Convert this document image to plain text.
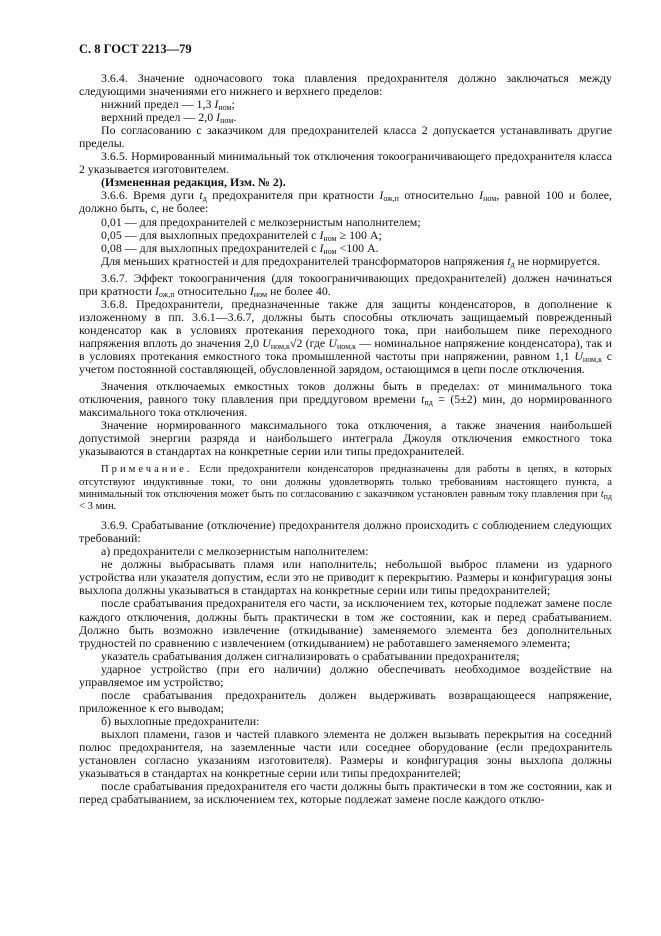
С. 8 ГОСТ 2213—79

3.6.4. Значение одночасового тока плавления предохранителя должно заключаться между следующими значениями его нижнего и верхнего пределов:

нижний предел — 1,3 $I_{ном}$;

верхний предел — 2,0 $I_{ном}$.

По согласованию с заказчиком для предохранителей класса 2 допускается устанавливать другие пределы.

3.6.5. Нормированный минимальный ток отключения токоограничивающего предохранителя класса 2 указывается изготовителем.

(Измененная редакция, Изм. № 2).

3.6.6. Время дуги $t_д$ предохранителя при кратности $I_{ож,п}$ относительно $I_{ном}$, равной 100 и более, должно быть, с, не более:

0,01 — для предохранителей с мелкозернистым наполнителем;

0,05 — для выхлопных предохранителей с $I_{ном} \ge 100$ А;

0,08 — для выхлопных предохранителей с $I_{ном} <100$ А.

Для меньших кратностей и для предохранителей трансформаторов напряжения $t_д$ не нормируется.

3.6.7. Эффект токоограничения (для токоограничивающих предохранителей) должен начинаться при кратности $I_{ож,п}$ относительно $I_{ном}$ не более 40.

3.6.8. Предохранители, предназначенные также для защиты конденсаторов, в дополнение к изложенному в пп. 3.6.1—3.6.7, должны быть способны отключать защищаемый поврежденный конденсатор как в условиях протекания переходного тока, при наибольшем пике переходного напряжения вплоть до значения 2,0 $U_{ном,к}√2$ (где $U_{ном,к}$ — номинальное напряжение конденсатора), так и в условиях протекания емкостного тока промышленной частоты при напряжении, равном 1,1 $U_{ном,к}$ с учетом постоянной составляющей, обусловленной зарядом, остающимся в цепи после отключения.

Значения отключаемых емкостных токов должны быть в пределах: от минимального тока отключения, равного току плавления при преддуговом времени $t_{пд} = (5\pm 2)$ мин, до нормированного максимального тока отключения.

Значение нормированного максимального тока отключения, а также значения наибольшей допустимой энергии разряда и наибольшего интеграла Джоуля отключения емкостного тока указываются в стандартах на конкретные серии или типы предохранителей.

Примечание. Если предохранители конденсаторов предназначены для работы в цепях, в которых отсутствуют индуктивные токи, то они должны удовлетворять только требованиям настоящего пункта, а минимальный ток отключения может быть по согласованию с заказчиком установлен равным току плавления при $t_{пд} < 3$ мин.

3.6.9. Срабатывание (отключение) предохранителя должно происходить с соблюдением следующих требований:

а) предохранители с мелкозернистым наполнителем:

не должны выбрасывать пламя или наполнитель; небольшой выброс пламени из ударного устройства или указателя допустим, если это не приводит к перекрытию. Размеры и конфигурация зоны выхлопа должны указываться в стандартах на конкретные серии или типы предохранителей;

после срабатывания предохранителя его части, за исключением тех, которые подлежат замене после каждого отключения, должны быть практически в том же состоянии, как и перед срабатыванием. Должно быть возможно извлечение (откидывание) заменяемого элемента без дополнительных трудностей по сравнению с извлечением (откидыванием) не работавшего заменяемого элемента;

указатель срабатывания должен сигнализировать о срабатывании предохранителя;

ударное устройство (при его наличии) должно обеспечивать необходимое воздействие на управляемое им устройство;

после срабатывания предохранитель должен выдерживать возвращающееся напряжение, приложенное к его выводам;

б) выхлопные предохранители:

выхлоп пламени, газов и частей плавкого элемента не должен вызывать перекрытия на соседний полюс предохранителя, на заземленные части или соседнее оборудование (если предохранитель установлен согласно указаниям изготовителя). Размеры и конфигурация зоны выхлопа должны указываться в стандартах на конкретные серии или типы предохранителей;

после срабатывания предохранителя его части должны быть практически в том же состоянии, как и перед срабатыванием, за исключением тех, которые подлежат замене после каждого отклю-
